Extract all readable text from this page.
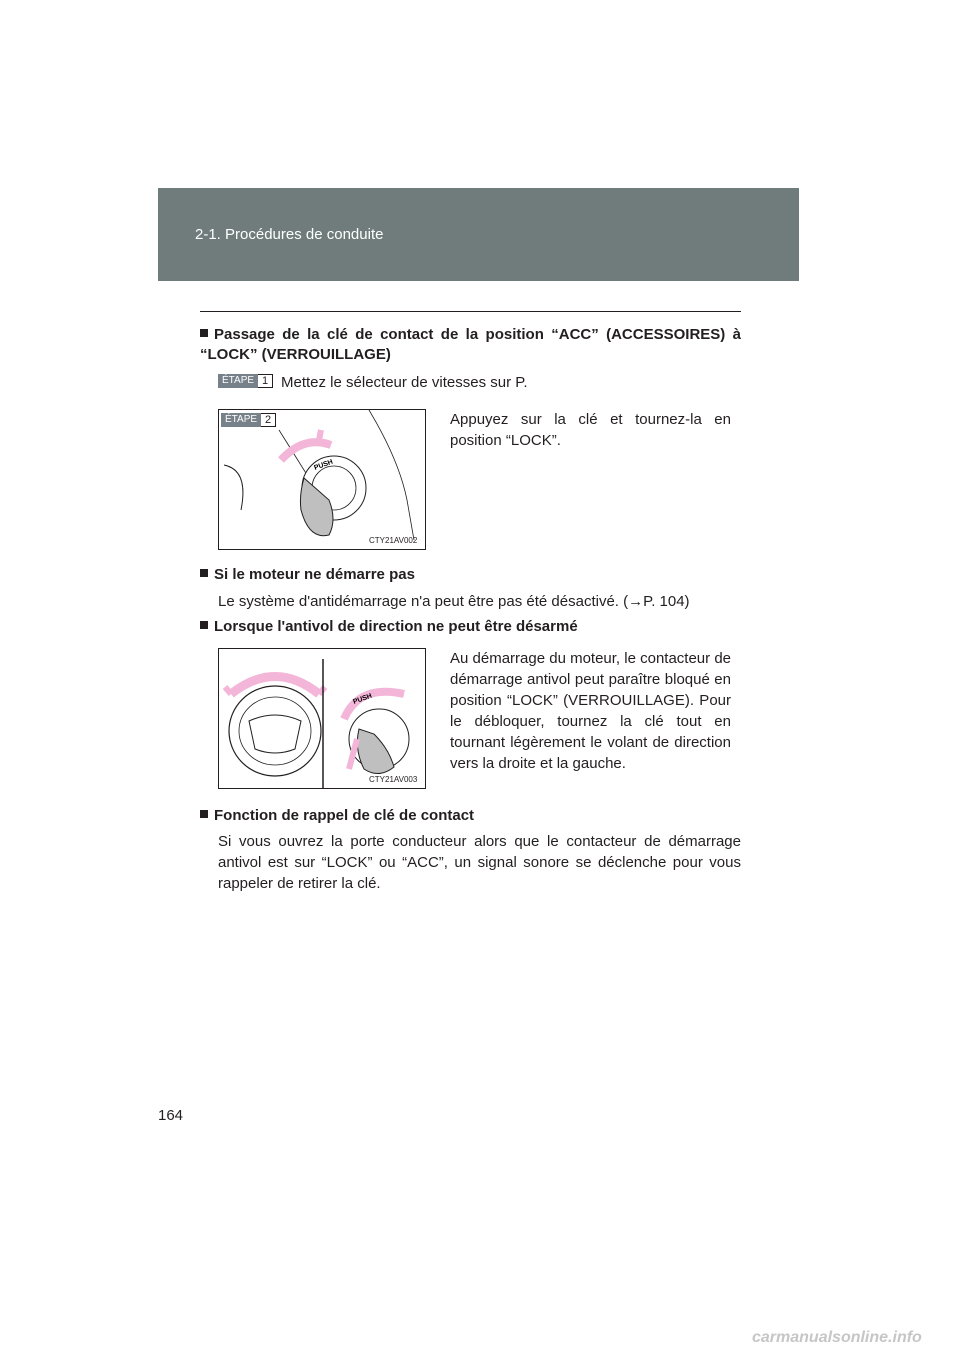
2-1. Procédures de conduite
Passage de la clé de contact de la position “ACC” (ACCESSOIRES) à “LOCK” (VERROUILLAGE)
ÉTAPE 1 Mettez le sélecteur de vitesses sur P.
ÉTAPE 2
PUSH
CTY21AV002
Appuyez sur la clé et tournez-la en position “LOCK”.
Si le moteur ne démarre pas
Le système d'antidémarrage n'a peut être pas été désactivé. (→P. 104)
Lorsque l'antivol de direction ne peut être désarmé
PUSH
CTY21AV003
Au démarrage du moteur, le contacteur de démarrage antivol peut paraître bloqué en position “LOCK” (VERROUILLAGE). Pour le débloquer, tournez la clé tout en tournant légèrement le volant de direction vers la droite et la gauche.
Fonction de rappel de clé de contact
Si vous ouvrez la porte conducteur alors que le contacteur de démarrage antivol est sur “LOCK” ou “ACC”, un signal sonore se déclenche pour vous rappeler de retirer la clé.
164
carmanualsonline.info
